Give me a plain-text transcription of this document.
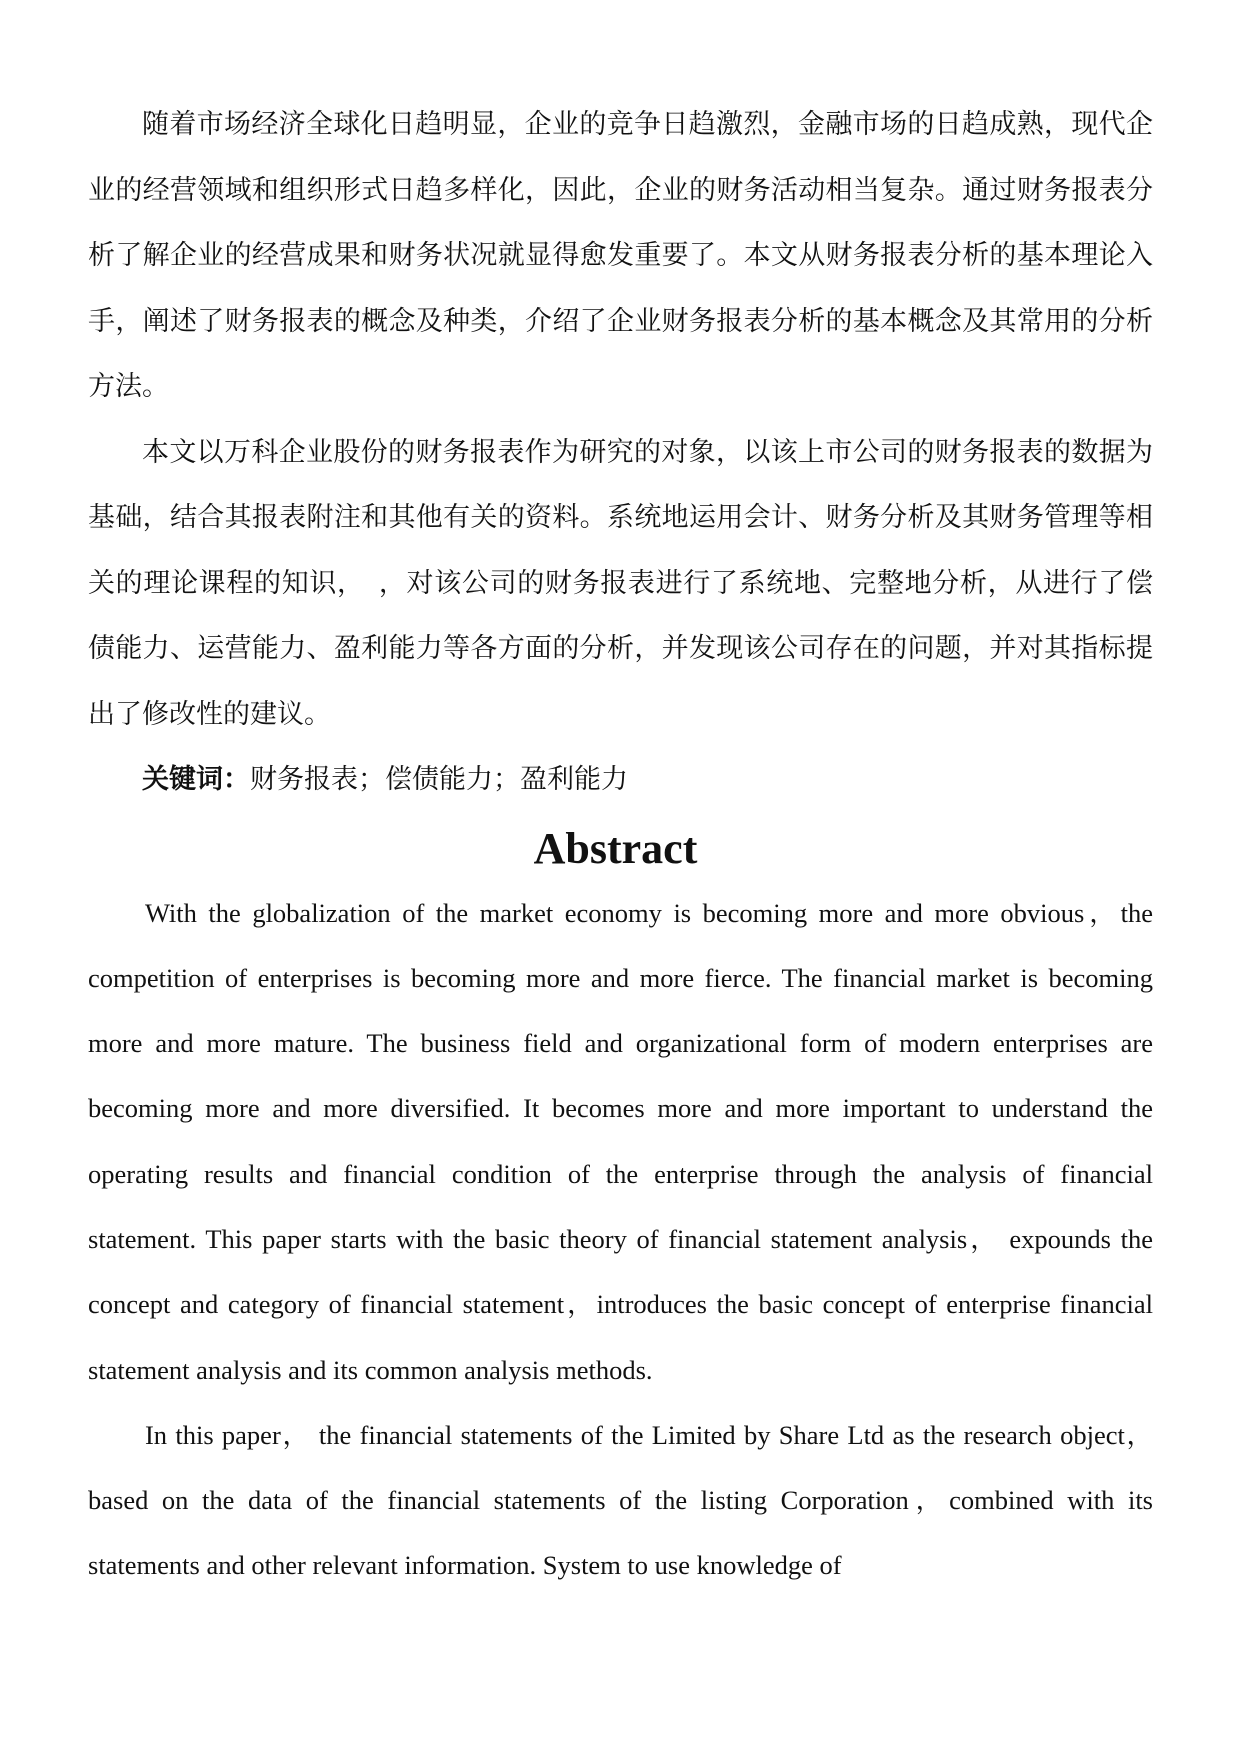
随着市场经济全球化日趋明显，企业的竞争日趋激烈，金融市场的日趋成熟，现代企业的经营领域和组织形式日趋多样化，因此，企业的财务活动相当复杂。通过财务报表分析了解企业的经营成果和财务状况就显得愈发重要了。本文从财务报表分析的基本理论入手，阐述了财务报表的概念及种类，介绍了企业财务报表分析的基本概念及其常用的分析方法。

本文以万科企业股份的财务报表作为研究的对象，以该上市公司的财务报表的数据为基础，结合其报表附注和其他有关的资料。系统地运用会计、财务分析及其财务管理等相关的理论课程的知识，　，对该公司的财务报表进行了系统地、完整地分析，从进行了偿债能力、运营能力、盈利能力等各方面的分析，并发现该公司存在的问题，并对其指标提出了修改性的建议。

关键词：财务报表；偿债能力；盈利能力

Abstract

With the globalization of the market economy is becoming more and more obvious，the competition of enterprises is becoming more and more fierce. The financial market is becoming more and more mature. The business field and organizational form of modern enterprises are becoming more and more diversified. It becomes more and more important to understand the operating results and financial condition of the enterprise through the analysis of financial statement. This paper starts with the basic theory of financial statement analysis， expounds the concept and category of financial statement，introduces the basic concept of enterprise financial statement analysis and its common analysis methods.

In this paper， the financial statements of the Limited by Share Ltd as the research object， based on the data of the financial statements of the listing Corporation，combined with its statements and other relevant information. System to use knowledge of
